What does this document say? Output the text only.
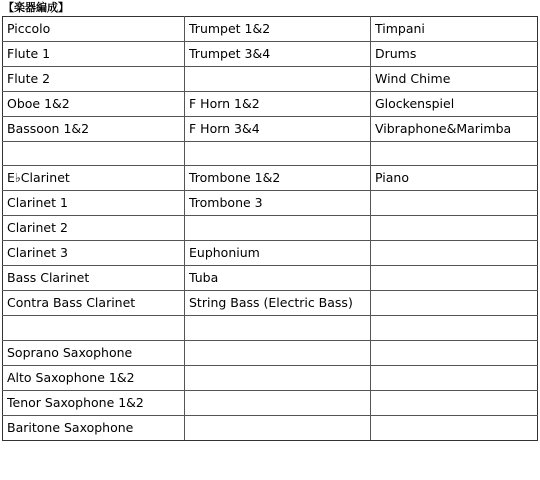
【楽器編成】
Piccolo	Trumpet 1&2	Timpani
Flute 1	Trumpet 3&4	Drums
Flute 2		Wind Chime
Oboe 1&2	F Horn 1&2	Glockenspiel
Bassoon 1&2	F Horn 3&4	Vibraphone&Marimba

E♭Clarinet	Trombone 1&2	Piano
Clarinet 1	Trombone 3	
Clarinet 2		
Clarinet 3	Euphonium	
Bass Clarinet	Tuba	
Contra Bass Clarinet	String Bass (Electric Bass)	

Soprano Saxophone		
Alto Saxophone 1&2		
Tenor Saxophone 1&2		
Baritone Saxophone		
